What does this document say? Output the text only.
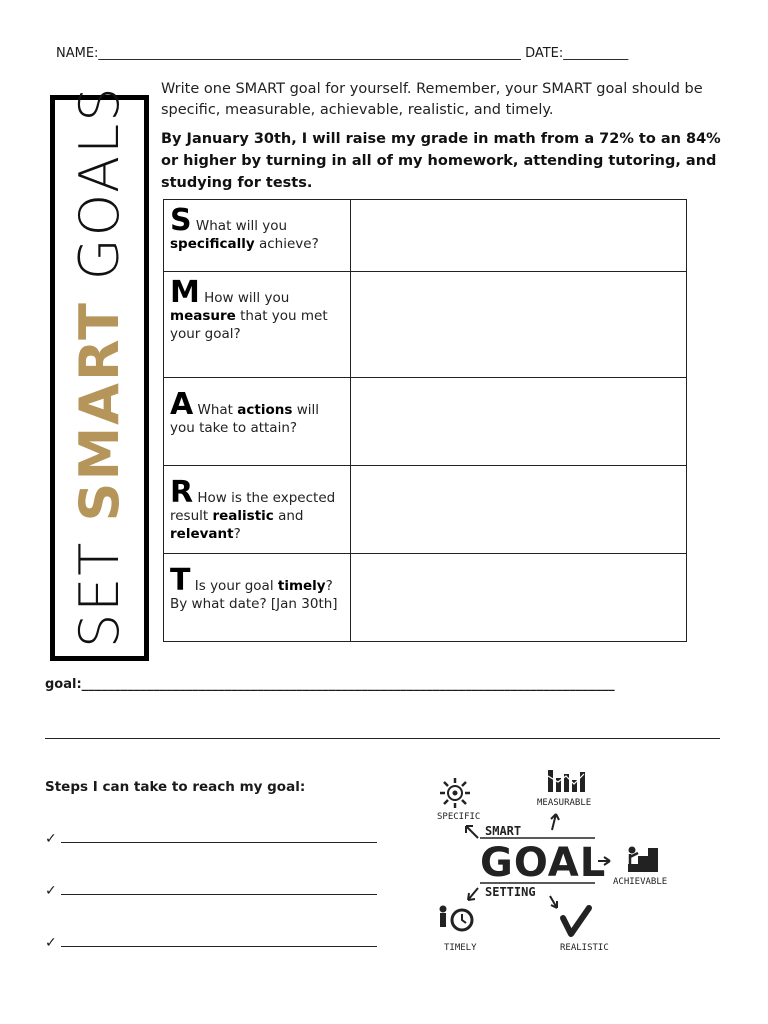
NAME:_________________________________________________________________ DATE:__________
SET SMART GOALS Write one SMART goal for yourself. Remember, your SMART goal should be specific, measurable, achievable, realistic, and timely.
By January 30th, I will raise my grade in math from a 72% to an 84% or higher by turning in all of my homework, attending tutoring, and studying for tests.
S What will you specifically achieve?	
M How will you measure that you met your goal?	
A What actions will you take to attain?	
R How is the expected result realistic and relevant?	
T Is your goal timely? By what date? [Jan 30th]	
goal:__________________________________________________________________________________
Steps I can take to reach my goal:
✓
✓
✓
SMART
GOAL
SETTING
SPECIFIC
MEASURABLE
ACHIEVABLE
REALISTIC
TIMELY
